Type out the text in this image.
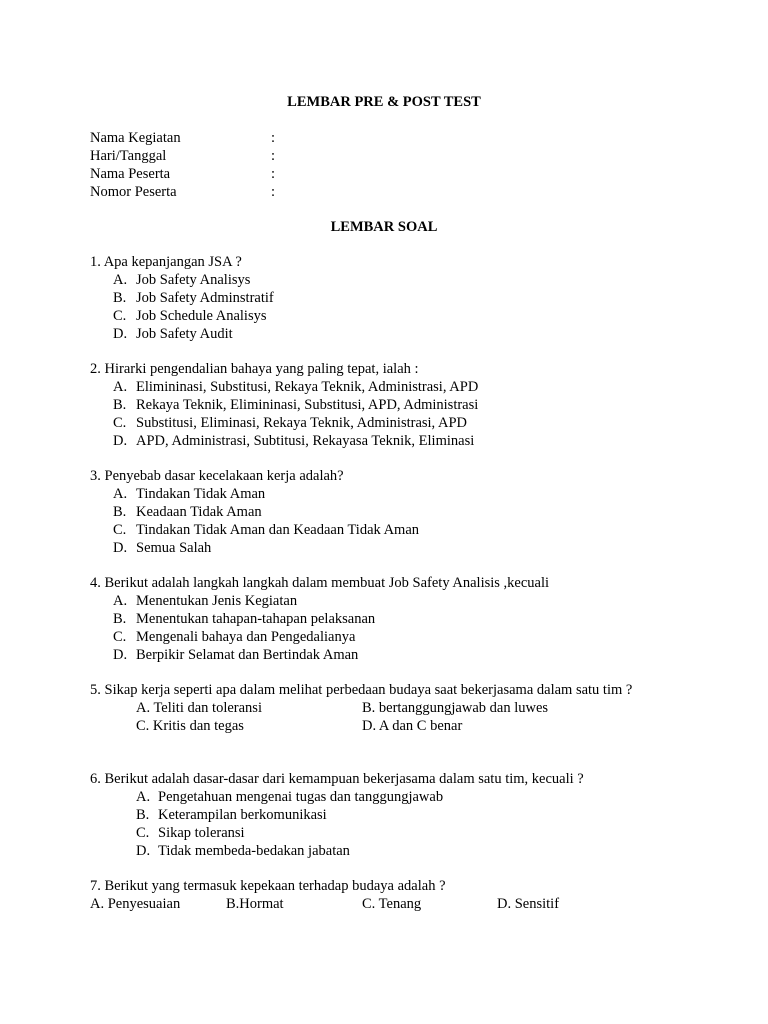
LEMBAR PRE & POST TEST
Nama Kegiatan	:
Hari/Tanggal	:
Nama Peserta	:
Nomor Peserta	:
LEMBAR SOAL
1. Apa kepanjangan JSA ?
A. Job Safety Analisys
B. Job Safety Adminstratif
C. Job Schedule Analisys
D. Job Safety Audit
2. Hirarki pengendalian bahaya yang paling tepat, ialah :
A. Elimininasi, Substitusi, Rekaya Teknik, Administrasi, APD
B. Rekaya Teknik, Elimininasi, Substitusi, APD, Administrasi
C. Substitusi, Eliminasi, Rekaya Teknik, Administrasi, APD
D. APD, Administrasi, Subtitusi, Rekayasa Teknik, Eliminasi
3. Penyebab dasar kecelakaan kerja adalah?
A. Tindakan Tidak Aman
B. Keadaan Tidak Aman
C. Tindakan Tidak Aman dan Keadaan Tidak Aman
D. Semua Salah
4. Berikut adalah langkah langkah dalam membuat Job Safety Analisis ,kecuali
A. Menentukan Jenis Kegiatan
B. Menentukan tahapan-tahapan pelaksanan
C. Mengenali bahaya dan Pengedalianya
D. Berpikir Selamat dan Bertindak Aman
5. Sikap kerja seperti apa dalam melihat perbedaan budaya saat bekerjasama dalam satu tim ?
A. Teliti dan toleransi	B. bertanggungjawab dan luwes
C. Kritis dan tegas	D. A dan C benar
6. Berikut adalah dasar-dasar dari kemampuan bekerjasama dalam satu tim, kecuali ?
A. Pengetahuan mengenai tugas dan tanggungjawab
B. Keterampilan berkomunikasi
C. Sikap toleransi
D. Tidak membeda-bedakan jabatan
7. Berikut yang termasuk kepekaan terhadap budaya adalah ?
A. Penyesuaian	B.Hormat	C. Tenang	D. Sensitif
